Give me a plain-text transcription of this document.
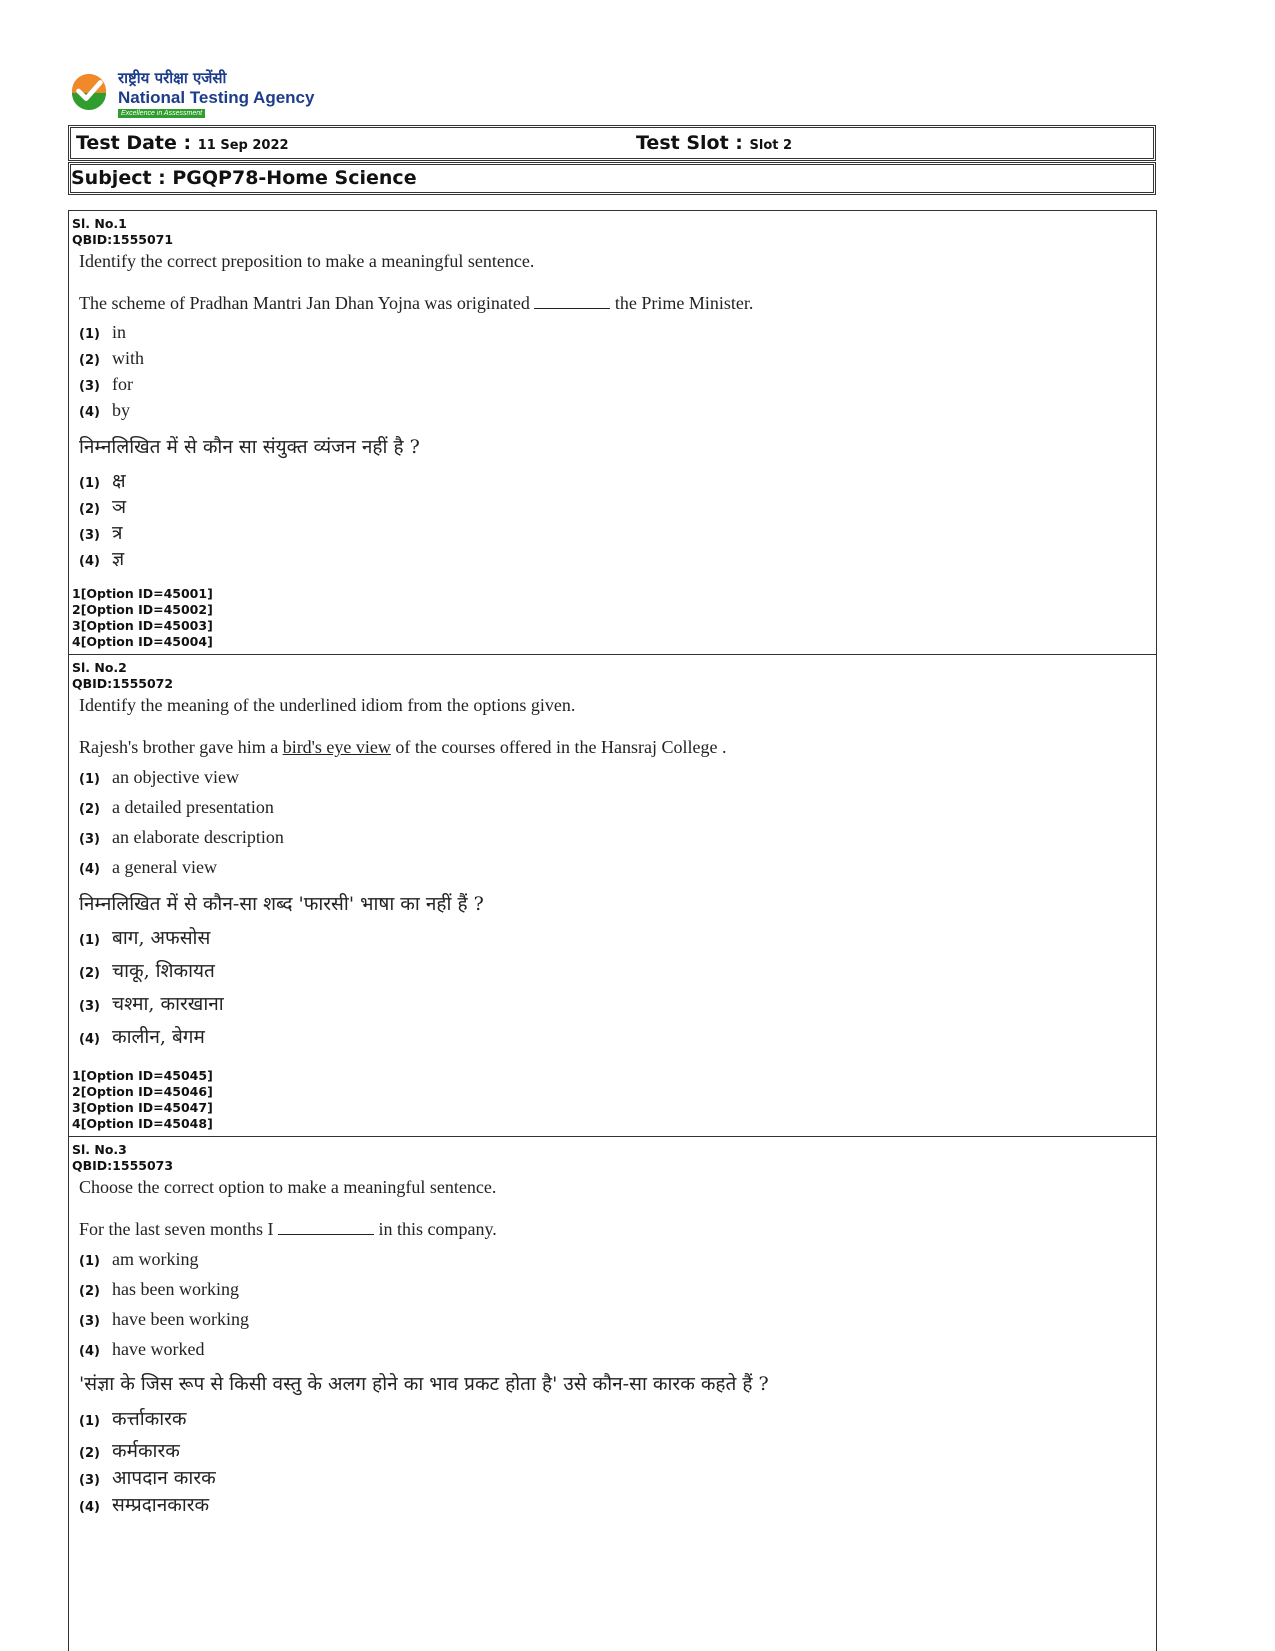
राष्ट्रीय परीक्षा एजेंसी
National Testing Agency
Excellence in Assessment
Test Date : 11 Sep 2022	Test Slot : Slot 2
Subject : PGQP78-Home Science
Sl. No.1
QBID:1555071
Identify the correct preposition to make a meaningful sentence.
The scheme of Pradhan Mantri Jan Dhan Yojna was originated	the Prime Minister.
(1) in
(2) with
(3) for
(4) by
निम्नलिखित में से कौन सा संयुक्त व्यंजन नहीं है ?
(1) क्ष
(2) ञ
(3) त्र
(4) ज्ञ
1[Option ID=45001]
2[Option ID=45002]
3[Option ID=45003]
4[Option ID=45004]
Sl. No.2
QBID:1555072
Identify the meaning of the underlined idiom from the options given.
Rajesh's brother gave him a bird's eye view of the courses offered in the Hansraj College .
(1) an objective view
(2) a detailed presentation
(3) an elaborate description
(4) a general view
निम्नलिखित में से कौन-सा शब्द 'फारसी' भाषा का नहीं हैं ?
(1) बाग, अफसोस
(2) चाकू, शिकायत
(3) चश्मा, कारखाना
(4) कालीन, बेगम
1[Option ID=45045]
2[Option ID=45046]
3[Option ID=45047]
4[Option ID=45048]
Sl. No.3
QBID:1555073
Choose the correct option to make a meaningful sentence.
For the last seven months I	in this company.
(1) am working
(2) has been working
(3) have been working
(4) have worked
'संज्ञा के जिस रूप से किसी वस्तु के अलग होने का भाव प्रकट होता है' उसे कौन-सा कारक कहते हैं ?
(1) कर्त्ताकारक
(2) कर्मकारक
(3) आपदान कारक
(4) सम्प्रदानकारक
